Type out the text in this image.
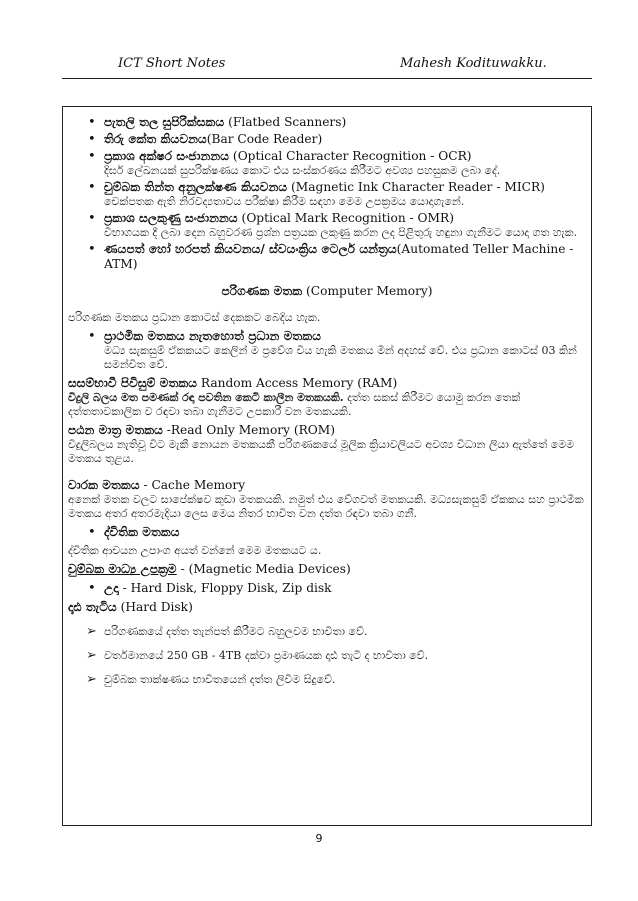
ICT Short Notes	Mahesh Kodituwakku.
• පැතලි තල සුපිරික්සකය (Flatbed Scanners)
• තිරු කේත කියවනය(Bar Code Reader)
• ප්‍රකාශ අක්ෂර සංජානනය (Optical Character Recognition - OCR)
දිර්ඝ ලේඛනයක් සුපරික්ෂණය කොට එය සංස්කරණය කිරීමට අවශ්‍ය පහසුකම ලබා දේ.
• චුම්බක තින්ත අනුලක්ෂණ කියවනය (Magnetic Ink Character Reader - MICR)
චෙක්පතක ඇති නිරවද්‍යතාවය පරීක්ෂා කිරීම සඳහා මෙම උපක්‍රමය යොදාගැනේ.
• ප්‍රකාශ සලකුණු සංජානනය (Optical Mark Recognition - OMR)
විභාගයක දී ලබා දෙන බහුවරණ ප්‍රශ්න පත්‍රයක ලකුණු කරන ලද පිළිතුරු හඳුනා ගැනීමට යොදා ගත හැක.
• ණයපත් හෝ හරපත් කියවනය/ ස්වයංක්‍රිය ටෙලර් යන්ත්‍රය(Automated Teller Machine - ATM)
පරිගණක මතක (Computer Memory)
පරිගණක මතකය ප්‍රධාන කොටස් දෙකකට බෙදිය හැක.
• ප්‍රාථමික මතකය නැතහොත් ප්‍රධාන මතකය
මධ්‍ය සැකසුම් ඒකකයට කෙලින් ම ප්‍රවේශ විය හැකි මතකය මින් අදහස් වේ. එය ප්‍රධාන කොටස් 03 කින් සමන්විත වේ.
සසම්භාවී පිවිසුම් මතකය Random Access Memory (RAM)
විදුලි බලය මත පමණක් රඳා පවතින කෙටි කාලීන මතකයකි. දත්ත සකස් කිරීමට යොමු කරන තෙක් දත්තතාවකාලික ව රඳවා තබා ගැනීමට උපකාරී වන මතකයකි.
පඨන මාත්‍ර මතකය -Read Only Memory (ROM)
විදුලිබලය නැතිවූ විට මැකී නොයන මතකයකී පරිගණකයේ මූලික ක්‍රියාවලියට අවශ්‍ය විධාන ලියා ඇත්තේ මෙම මතකය තුළය.
වාරක මතකය - Cache Memory
අනෙක් මතක වලට සාපේක්ෂව කුඩා මතකයකි. නමුත් එය වේගවත් මතකයකි. මධ්‍යසැකසුම් ඒකකය සහ ප්‍රාථමික මතකය අතර අතරමැදියා ලෙස මෙය නිතර භාවිත වන දත්ත රඳවා තබා ගනී.
• ද්විතික මතකය
ද්විතික ආචයන උපාංග අයත් වන්නේ මෙම මතකයට ය.
චුම්බක මාධ්‍ය උපක්‍රම - (Magnetic Media Devices)
• උදා - Hard Disk, Floppy Disk, Zip disk
දෘඪ තැටිය (Hard Disk)
➢ පරිගණකයේ දත්ත තැන්පත් කිරීමට බහුලවම භාවිතා වේ.
➢ වර්තමානයේ 250 GB - 4TB දක්වා ප්‍රමාණයක දෘඪ තැටි ද භාවිතා වේ.
➢ චුම්බක තාක්ෂණය භාවිතයෙන් දත්ත ලිවීම සිදුවේ.
9
